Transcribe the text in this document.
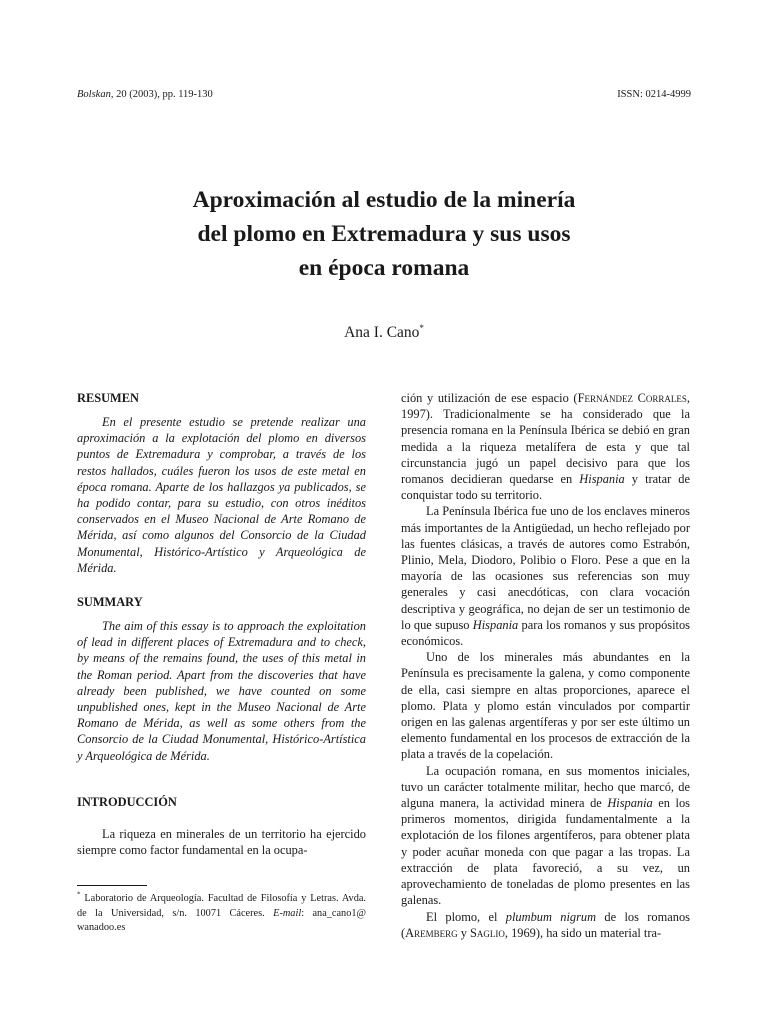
Bolskan, 20 (2003), pp. 119-130	ISSN: 0214-4999
Aproximación al estudio de la minería
del plomo en Extremadura y sus usos
en época romana
Ana I. Cano*

RESUMEN

En el presente estudio se pretende realizar una aproximación a la explotación del plomo en diversos puntos de Extremadura y comprobar, a través de los restos hallados, cuáles fueron los usos de este metal en época romana. Aparte de los hallazgos ya publicados, se ha podido contar, para su estudio, con otros inéditos conservados en el Museo Nacional de Arte Romano de Mérida, así como algunos del Consorcio de la Ciudad Monumental, Histórico-Artístico y Arqueológica de Mérida.

SUMMARY

The aim of this essay is to approach the exploitation of lead in different places of Extremadura and to check, by means of the remains found, the uses of this metal in the Roman period. Apart from the discoveries that have already been published, we have counted on some unpublished ones, kept in the Museo Nacional de Arte Romano de Mérida, as well as some others from the Consorcio de la Ciudad Monumental, Histórico-Artística y Arqueológica de Mérida.

INTRODUCCIÓN

La riqueza en minerales de un territorio ha ejercido siempre como factor fundamental en la ocupa-

ción y utilización de ese espacio (Fernández Corrales, 1997). Tradicionalmente se ha considerado que la presencia romana en la Península Ibérica se debió en gran medida a la riqueza metalífera de esta y que tal circunstancia jugó un papel decisivo para que los romanos decidieran quedarse en Hispania y tratar de conquistar todo su territorio.

La Península Ibérica fue uno de los enclaves mineros más importantes de la Antigüedad, un hecho reflejado por las fuentes clásicas, a través de autores como Estrabón, Plinio, Mela, Diodoro, Polibio o Floro. Pese a que en la mayoría de las ocasiones sus referencias son muy generales y casi anecdóticas, con clara vocación descriptiva y geográfica, no dejan de ser un testimonio de lo que supuso Hispania para los romanos y sus propósitos económicos.

Uno de los minerales más abundantes en la Península es precisamente la galena, y como componente de ella, casi siempre en altas proporciones, aparece el plomo. Plata y plomo están vinculados por compartir origen en las galenas argentíferas y por ser este último un elemento fundamental en los procesos de extracción de la plata a través de la copelación.

La ocupación romana, en sus momentos iniciales, tuvo un carácter totalmente militar, hecho que marcó, de alguna manera, la actividad minera de Hispania en los primeros momentos, dirigida fundamentalmente a la explotación de los filones argentíferos, para obtener plata y poder acuñar moneda con que pagar a las tropas. La extracción de plata favoreció, a su vez, un aprovechamiento de toneladas de plomo presentes en las galenas.

El plomo, el plumbum nigrum de los romanos (Aremberg y Saglio, 1969), ha sido un material tra-

* Laboratorio de Arqueología. Facultad de Filosofía y Letras. Avda. de la Universidad, s/n. 10071 Cáceres. E-mail: ana_cano1@ wanadoo.es
